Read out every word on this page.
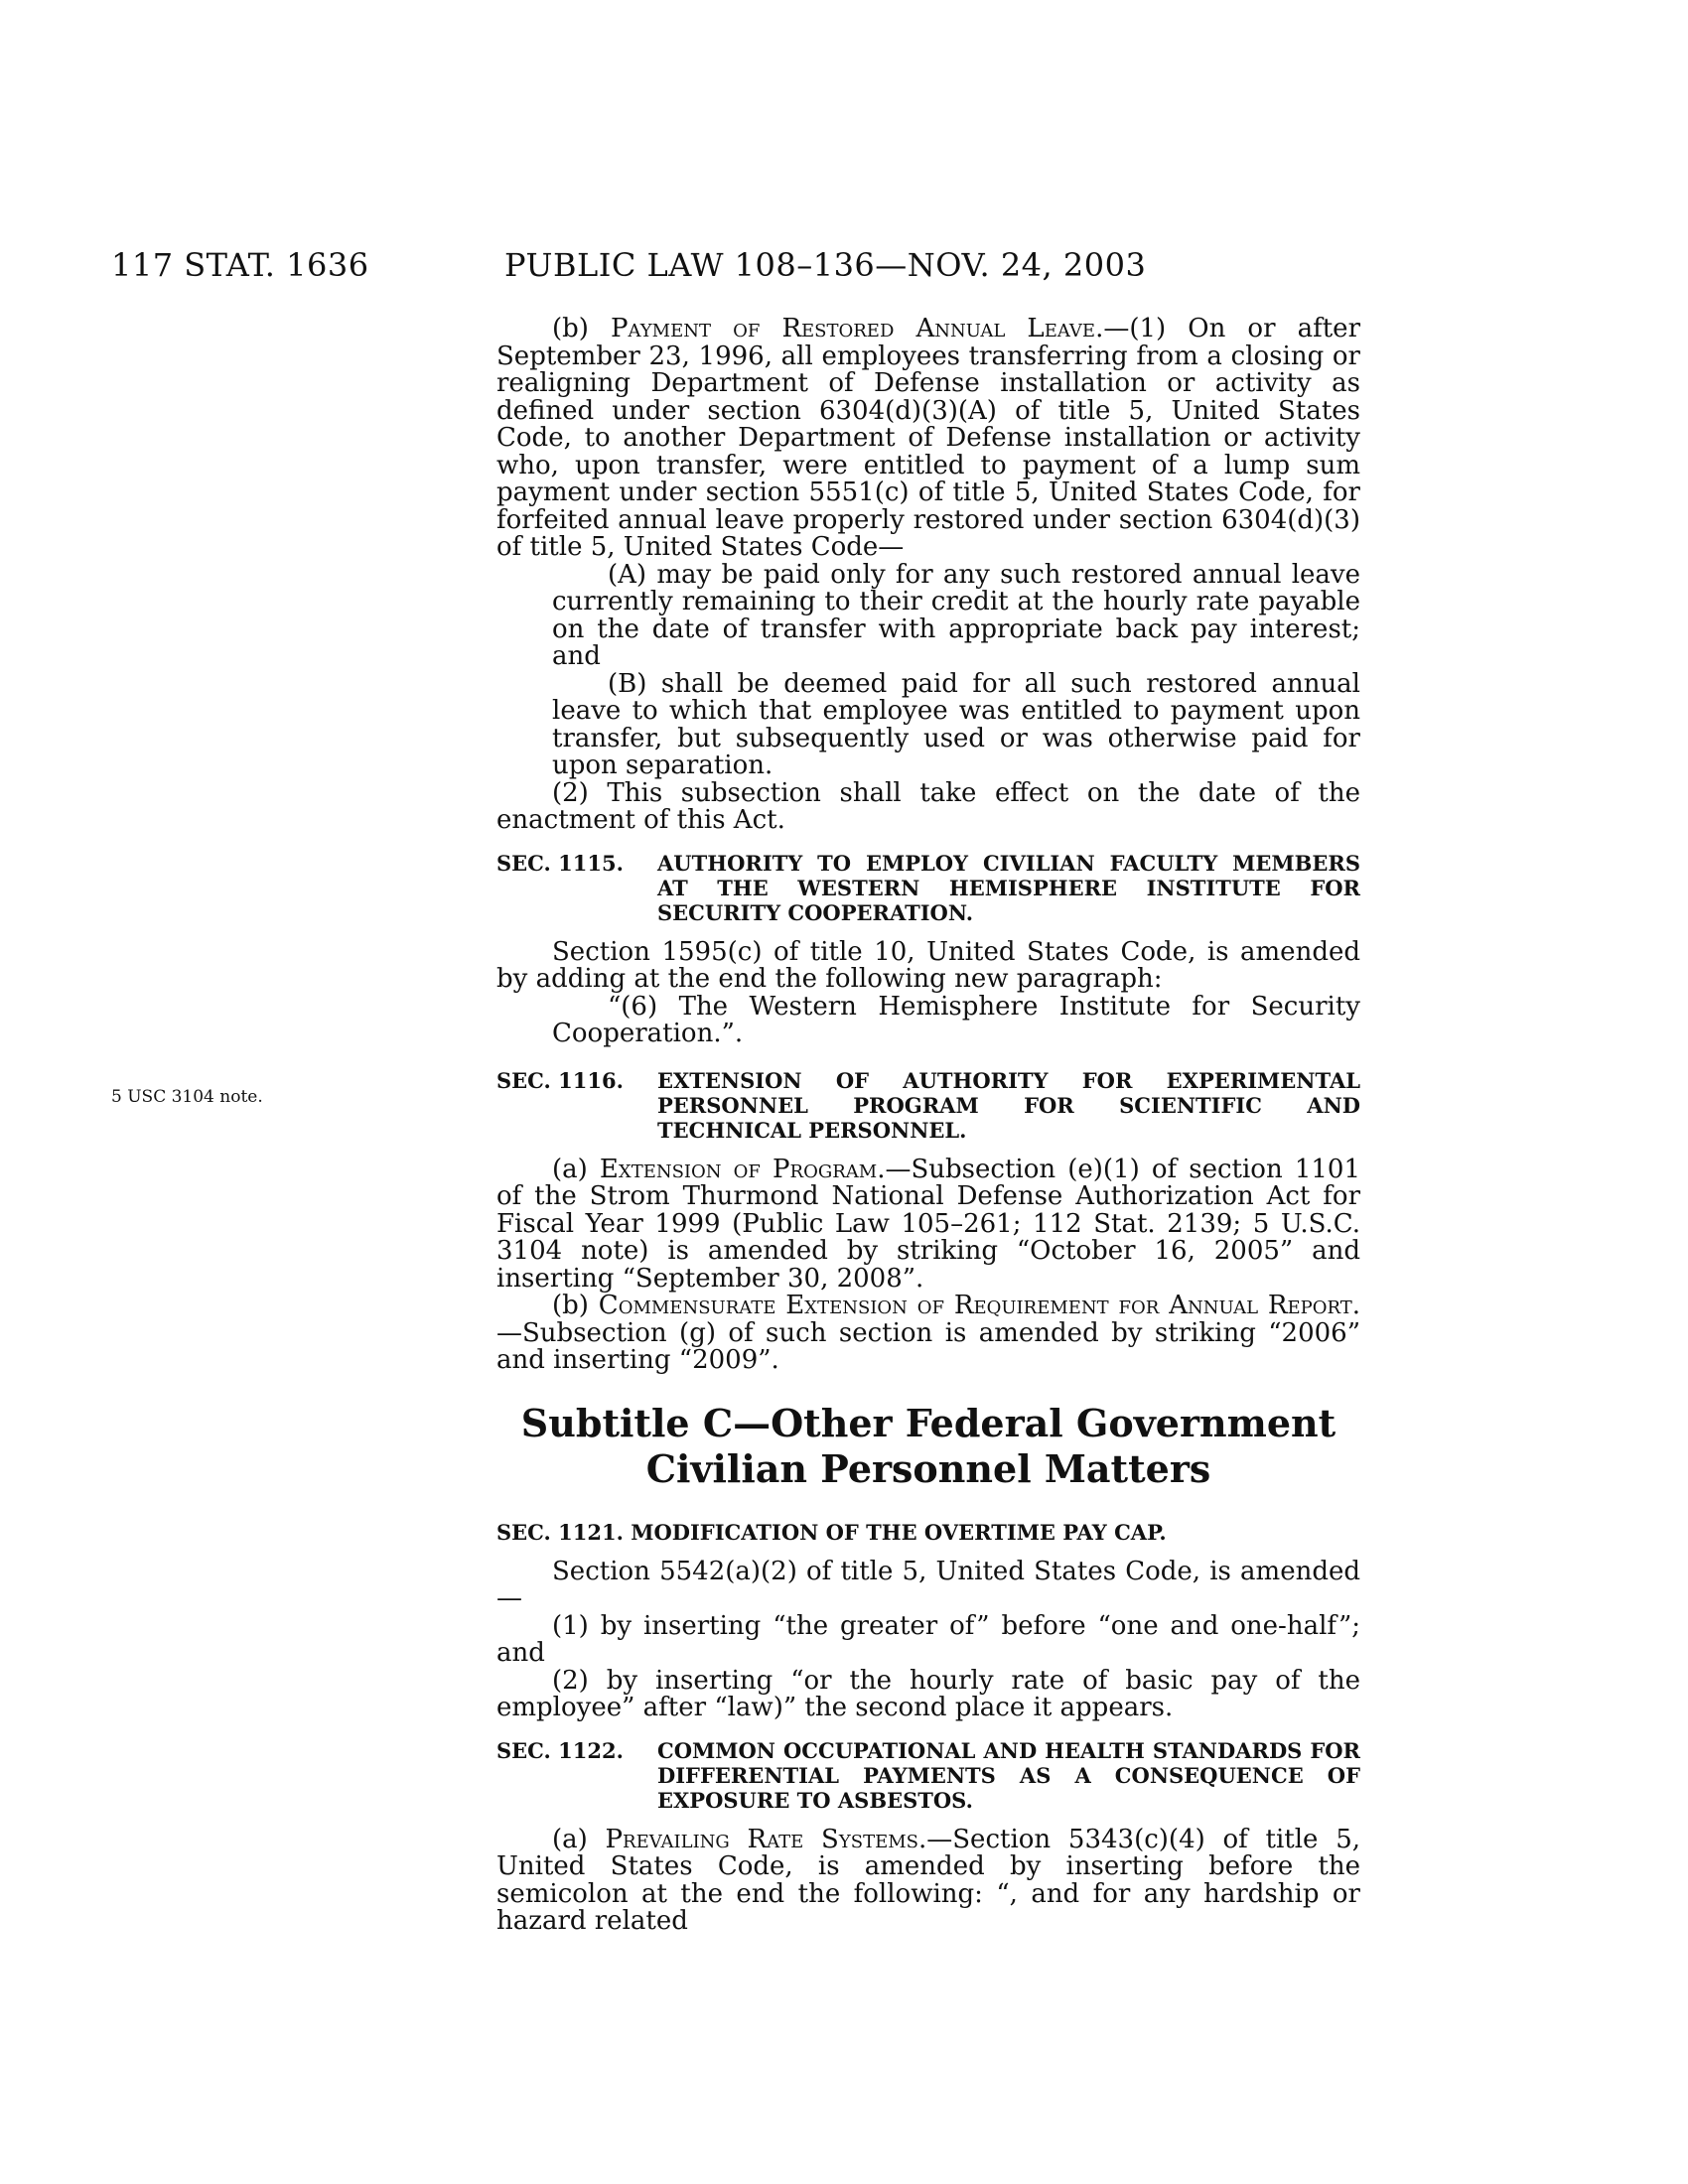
117 STAT. 1636	PUBLIC LAW 108–136—NOV. 24, 2003
5 USC 3104 note.

(b) Payment of Restored Annual Leave.—(1) On or after September 23, 1996, all employees transferring from a closing or realigning Department of Defense installation or activity as defined under section 6304(d)(3)(A) of title 5, United States Code, to another Department of Defense installation or activity who, upon transfer, were entitled to payment of a lump sum payment under section 5551(c) of title 5, United States Code, for forfeited annual leave properly restored under section 6304(d)(3) of title 5, United States Code—

(A) may be paid only for any such restored annual leave currently remaining to their credit at the hourly rate payable on the date of transfer with appropriate back pay interest; and

(B) shall be deemed paid for all such restored annual leave to which that employee was entitled to payment upon transfer, but subsequently used or was otherwise paid for upon separation.

(2) This subsection shall take effect on the date of the enactment of this Act.

SEC. 1115. AUTHORITY TO EMPLOY CIVILIAN FACULTY MEMBERS AT THE WESTERN HEMISPHERE INSTITUTE FOR SECURITY COOPERATION.

Section 1595(c) of title 10, United States Code, is amended by adding at the end the following new paragraph:

“(6) The Western Hemisphere Institute for Security Cooperation.”.

SEC. 1116. EXTENSION OF AUTHORITY FOR EXPERIMENTAL PERSONNEL PROGRAM FOR SCIENTIFIC AND TECHNICAL PERSONNEL.

(a) Extension of Program.—Subsection (e)(1) of section 1101 of the Strom Thurmond National Defense Authorization Act for Fiscal Year 1999 (Public Law 105–261; 112 Stat. 2139; 5 U.S.C. 3104 note) is amended by striking “October 16, 2005” and inserting “September 30, 2008”.

(b) Commensurate Extension of Requirement for Annual Report.—Subsection (g) of such section is amended by striking “2006” and inserting “2009”.

Subtitle C—Other Federal Government
Civilian Personnel Matters
SEC. 1121. MODIFICATION OF THE OVERTIME PAY CAP.

Section 5542(a)(2) of title 5, United States Code, is amended—

(1) by inserting “the greater of” before “one and one-half”; and

(2) by inserting “or the hourly rate of basic pay of the employee” after “law)” the second place it appears.

SEC. 1122. COMMON OCCUPATIONAL AND HEALTH STANDARDS FOR DIFFERENTIAL PAYMENTS AS A CONSEQUENCE OF EXPOSURE TO ASBESTOS.

(a) Prevailing Rate Systems.—Section 5343(c)(4) of title 5, United States Code, is amended by inserting before the semicolon at the end the following: “, and for any hardship or hazard related
